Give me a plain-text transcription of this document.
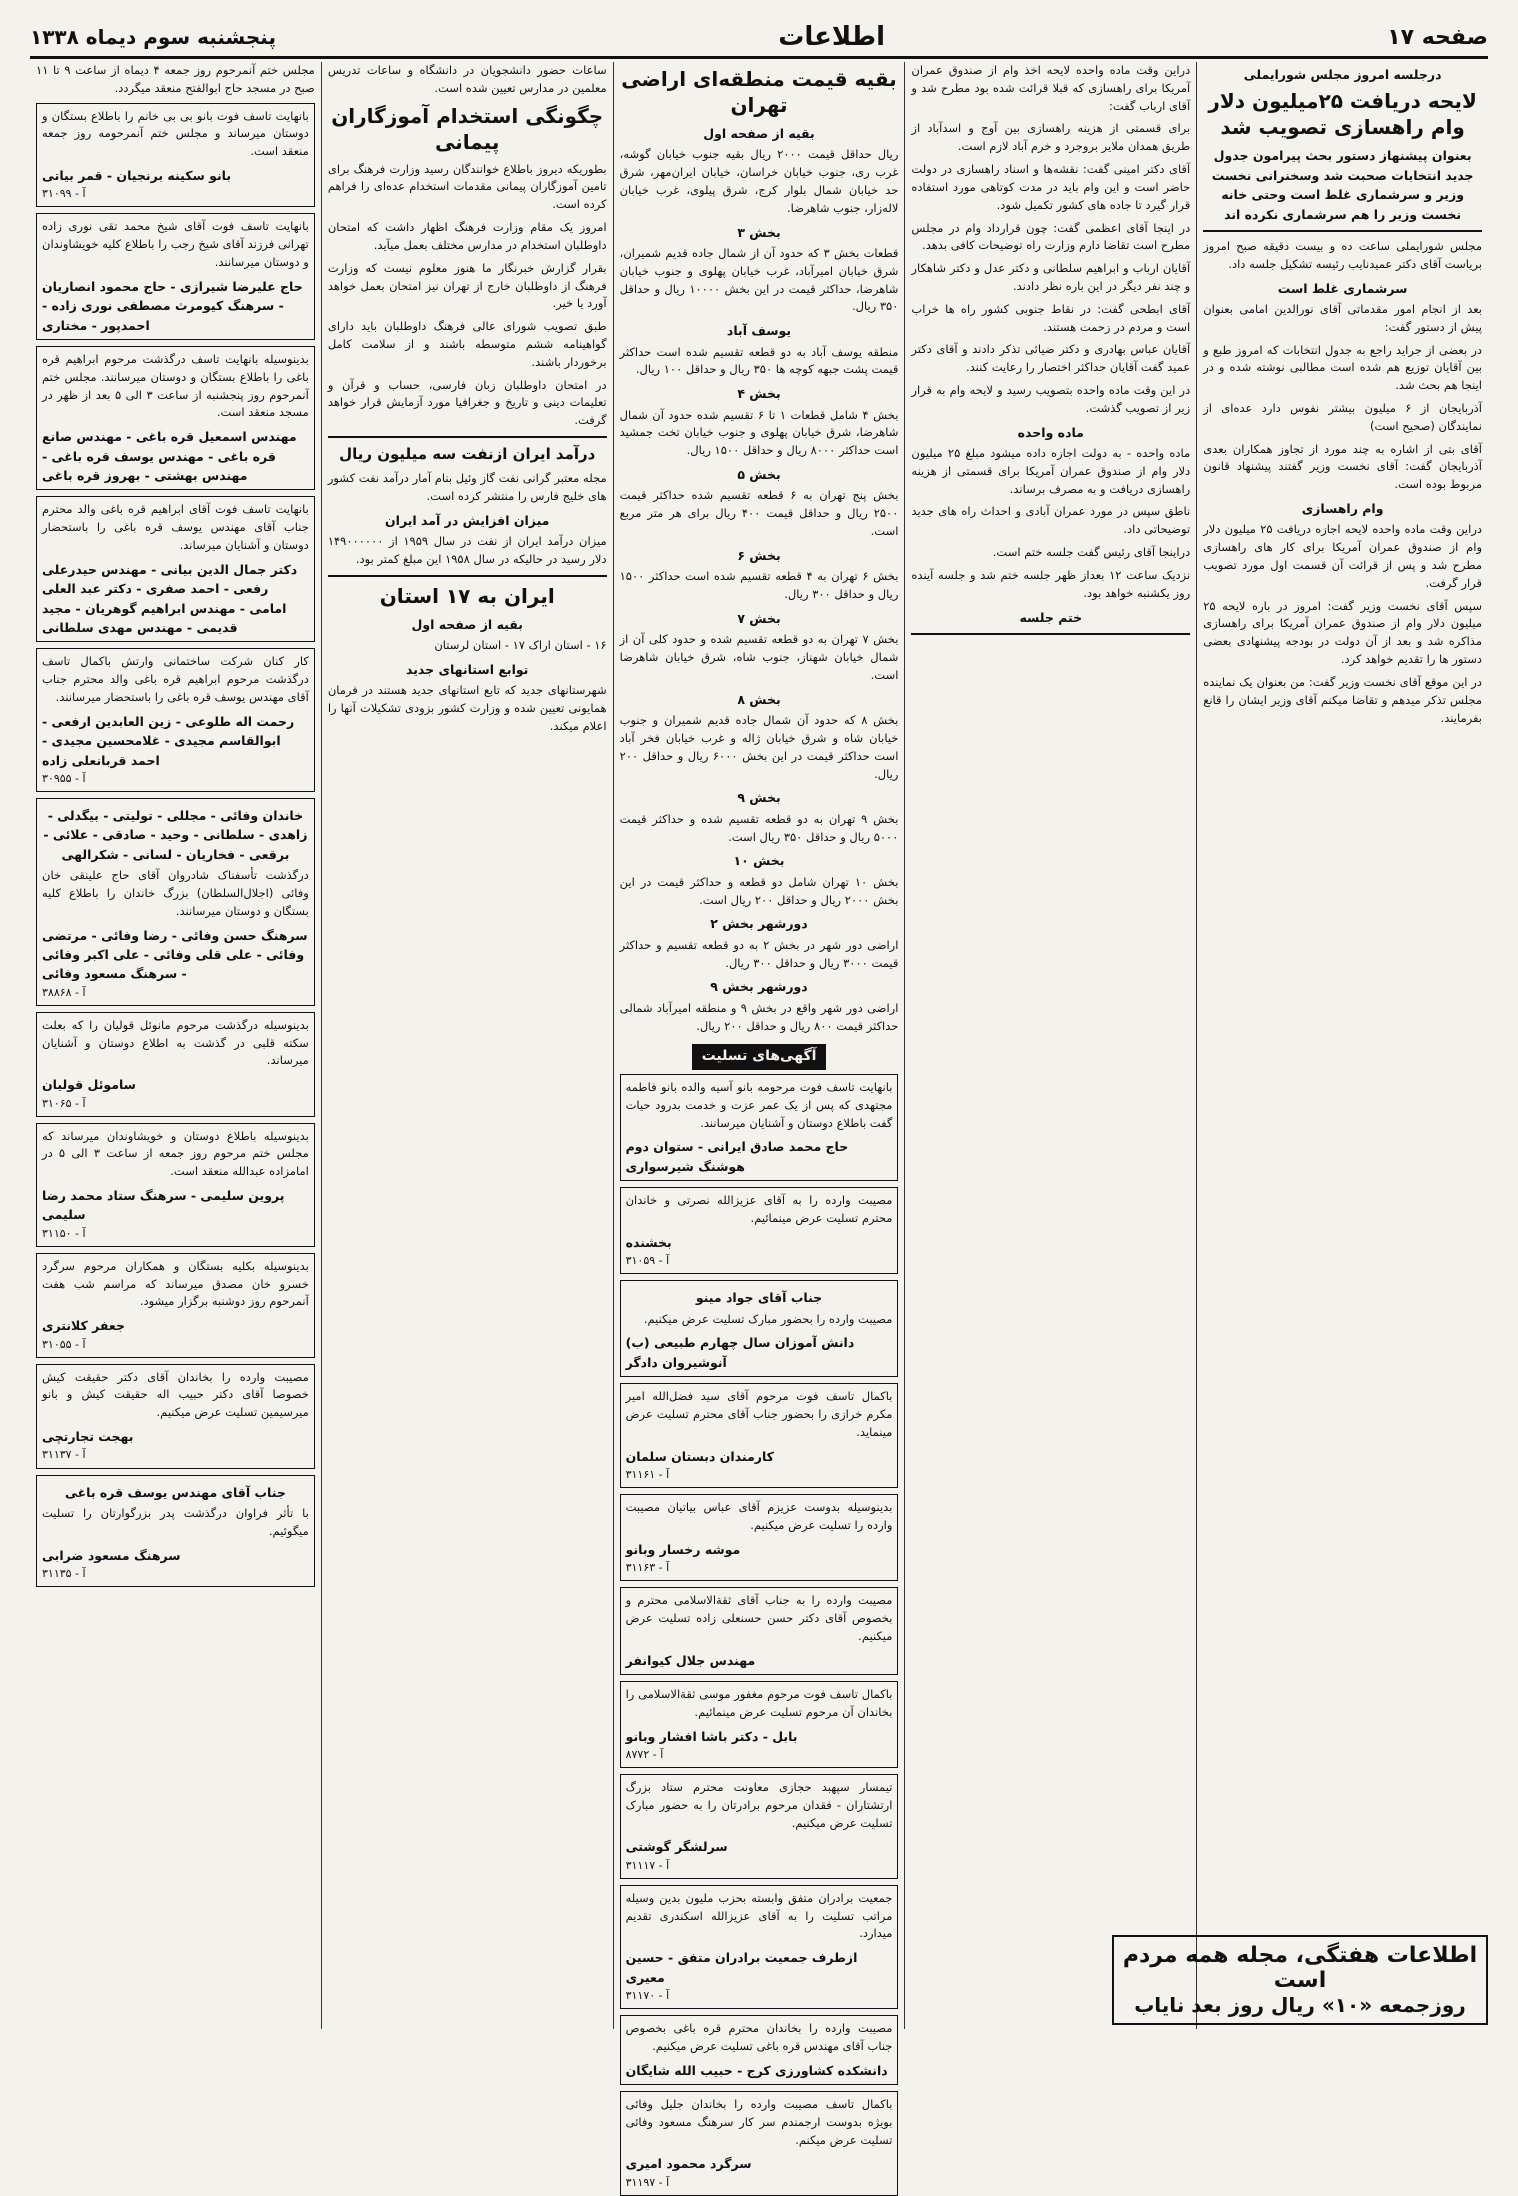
صفحه ۱۷
اطلاعات
پنجشنبه سوم دیماه ۱۳۳۸
درجلسه امروز مجلس شورایملی
لایحه دریافت ۲۵میلیون دلار وام راهسازی تصویب شد
بعنوان پیشنهاز دستور بحث پیرامون جدول جدید انتخابات صحبت شد وسخنرانی نخست وزیر و سرشماری غلط است وحتی خانه نخست وزیر را هم سرشماری نکرده اند

مجلس شورایملی ساعت ده و بیست دقیقه صبح امروز بریاست آقای دکتر عمیدنایب رئیسه تشکیل جلسه داد.

سرشماری غلط است

بعد از انجام امور مقدماتی آقای نورالدین امامی بعنوان پیش از دستور گفت:

در بعضی از جراید راجع به جدول انتخابات که امروز طبع و بین آقایان توزیع هم شده است مطالبی نوشته شده و در اینجا هم بحث شد.

آذربایجان از ۶ میلیون بیشتر نفوس دارد عده‌ای از نمایندگان (صحیح است)

آقای بتی از اشاره به چند مورد از تجاوز همکاران بعدی آذربایجان گفت: آقای نخست وزیر گفتند پیشنهاد قانون مربوط بوده است.

وام راهسازی

دراین وقت ماده واحده لایحه اجازه دریافت ۲۵ میلیون دلار وام از صندوق عمران آمریکا برای کار های راهسازی مطرح شد و پس از قرائت آن قسمت اول مورد تصویب قرار گرفت.

سپس آقای نخست وزیر گفت: امروز در باره لایحه ۲۵ میلیون دلار وام از صندوق عمران آمریکا برای راهسازی مذاکره شد و بعد از آن دولت در بودجه پیشنهادی بعضی دستور ها را تقدیم خواهد کرد.

در این موقع آقای نخست وزیر گفت: من بعنوان یک نماینده مجلس تذکر میدهم و تقاضا میکنم آقای وزیر ایشان را قانع بفرمایند.

دراین وقت ماده واحده لایحه اخذ وام از صندوق عمران آمریکا برای راهسازی که قبلا قرائت شده بود مطرح شد و آقای ارباب گفت:

برای قسمتی از هزینه راهسازی بین آوج و اسدآباد از طریق همدان ملایر بروجرد و خرم آباد لازم است.

آقای دکتر امینی گفت: نقشه‌ها و اسناد راهسازی در دولت حاضر است و این وام باید در مدت کوتاهی مورد استفاده قرار گیرد تا جاده های کشور تکمیل شود.

در اینجا آقای اعظمی گفت: چون قرارداد وام در مجلس مطرح است تقاضا دارم وزارت راه توضیحات کافی بدهد.

آقایان ارباب و ابراهیم سلطانی و دکتر عدل و دکتر شاهکار و چند نفر دیگر در این باره نظر دادند.

آقای ابطحی گفت: در نقاط جنوبی کشور راه ها خراب است و مردم در زحمت هستند.

آقایان عباس بهادری و دکتر ضیائی تذکر دادند و آقای دکتر عمید گفت آقایان حداکثر اختصار را رعایت کنند.

در این وقت ماده واحده بتصویب رسید و لایحه وام به قرار زیر از تصویب گذشت.

ماده واحده

ماده واحده - به دولت اجازه داده میشود مبلغ ۲۵ میلیون دلار وام از صندوق عمران آمریکا برای قسمتی از هزینه راهسازی دریافت و به مصرف برساند.

ناطق سپس در مورد عمران آبادی و احداث راه های جدید توضیحاتی داد.

دراینجا آقای رئیس گفت جلسه ختم است.

نزدیک ساعت ۱۲ بعداز ظهر جلسه ختم شد و جلسه آینده روز یکشنبه خواهد بود.

ختم جلسه
بقیه قیمت منطقه‌ای اراضی تهران
بقیه از صفحه اول

ریال حداقل قیمت ۲۰۰۰ ریال بقیه جنوب خیابان گوشه، غرب ری، جنوب خیابان خراسان، خیابان ایران‌مهر، شرق حد خیابان شمال بلوار کرج، شرق پیلوی، غرب خیابان لاله‌زار، جنوب شاهرضا.

بخش ۳

قطعات بخش ۳ که حدود آن از شمال جاده قدیم شمیران، شرق خیابان امیرآباد، غرب خیابان پهلوی و جنوب خیابان شاهرضا، حداکثر قیمت در این بخش ۱۰۰۰۰ ریال و حداقل ۳۵۰ ریال.

یوسف آباد

منطقه یوسف آباد به دو قطعه تقسیم شده است حداکثر قیمت پشت جبهه کوچه ها ۳۵۰ ریال و حداقل ۱۰۰ ریال.

بخش ۴

بخش ۴ شامل قطعات ۱ تا ۶ تقسیم شده حدود آن شمال شاهرضا، شرق خیابان پهلوی و جنوب خیابان تخت جمشید است حداکثر ۸۰۰۰ ریال و حداقل ۱۵۰۰ ریال.

بخش ۵

بخش پنج تهران به ۶ قطعه تقسیم شده حداکثر قیمت ۲۵۰۰ ریال و حداقل قیمت ۴۰۰ ریال برای هر متر مربع است.

بخش ۶

بخش ۶ تهران به ۴ قطعه تقسیم شده است حداکثر ۱۵۰۰ ریال و حداقل ۳۰۰ ریال.

بخش ۷

بخش ۷ تهران به دو قطعه تقسیم شده و حدود کلی آن از شمال خیابان شهناز، جنوب شاه، شرق خیابان شاهرضا است.

بخش ۸

بخش ۸ که حدود آن شمال جاده قدیم شمیران و جنوب خیابان شاه و شرق خیابان ژاله و غرب خیابان فخر آباد است حداکثر قیمت در این بخش ۶۰۰۰ ریال و حداقل ۲۰۰ ریال.

بخش ۹

بخش ۹ تهران به دو قطعه تقسیم شده و حداکثر قیمت ۵۰۰۰ ریال و حداقل ۳۵۰ ریال است.

بخش ۱۰

بخش ۱۰ تهران شامل دو قطعه و حداکثر قیمت در این بخش ۲۰۰۰ ریال و حداقل ۲۰۰ ریال است.

دورشهر بخش ۲

اراضی دور شهر در بخش ۲ به دو قطعه تقسیم و حداکثر قیمت ۳۰۰۰ ریال و حداقل ۳۰۰ ریال.

دورشهر بخش ۹

اراضی دور شهر واقع در بخش ۹ و منطقه امیرآباد شمالی حداکثر قیمت ۸۰۰ ریال و حداقل ۲۰۰ ریال.

آگهی‌های تسلیت

بانهایت تاسف فوت مرحومه بانو آسیه والده بانو فاطمه مجتهدی که پس از یک عمر عزت و خدمت بدرود حیات گفت باطلاع دوستان و آشنایان میرسانند.

حاج محمد صادق ایرانی - ستوان دوم هوشنگ شیرسواری

مصیبت وارده را به آقای عزیزالله نصرتی و خاندان محترم تسلیت عرض مینمائیم.

بخشنده
آ - ۳۱۰۵۹
جناب آقای جواد مینو

مصیبت وارده را بحضور مبارک تسلیت عرض میکنیم.

دانش آموزان سال چهارم طبیعی (ب) آنوشیروان دادگر

باکمال تاسف فوت مرحوم آقای سید فضل‌الله امیر مکرم خرازی را بحضور جناب آقای محترم تسلیت عرض مینماید.

کارمندان دبستان سلمان
آ - ۳۱۱۶۱

بدینوسیله بدوست عزیزم آقای عباس بیاتیان مصیبت وارده را تسلیت عرض میکنیم.

موشه رخسار وبانو
آ - ۳۱۱۶۳

مصیبت وارده را به جناب آقای ثقة‌الاسلامی محترم و بخصوص آقای دکتر حسن حسنعلی زاده تسلیت عرض میکنیم.

مهندس جلال کیوانفر

باکمال تاسف فوت مرحوم مغفور موسی ثقة‌الاسلامی را بخاندان آن مرحوم تسلیت عرض مینمائیم.

بابل - دکتر باشا افشار وبانو
آ - ۸۷۷۲

تیمسار سپهبد حجازی معاونت محترم ستاد بزرگ ارتشتاران - فقدان مرحوم برادرتان را به حضور مبارک تسلیت عرض میکنیم.

سرلشگر گوشتی
آ - ۳۱۱۱۷

جمعیت برادران متفق وابسته بحزب ملیون بدین وسیله مراتب تسلیت را به آقای عزیزالله اسکندری تقدیم میدارد.

ازطرف جمعیت برادران متفق - حسین معیری
آ - ۳۱۱۷۰

مصیبت وارده را بخاندان محترم قره باغی بخصوص جناب آقای مهندس قره باغی تسلیت عرض میکنیم.

دانشکده کشاورزی کرج - حبیب الله شایگان

باکمال تاسف مصیبت وارده را بخاندان جلیل وفائی بویژه بدوست ارجمندم سر کار سرهنگ مسعود وفائی تسلیت عرض میکنم.

سرگرد محمود امیری
آ - ۳۱۱۹۷

ساعات حضور دانشجویان در دانشگاه و ساعات تدریس معلمین در مدارس تعیین شده است.

چگونگی استخدام آموزگاران پیمانی

بطوریکه دیروز باطلاع خوانندگان رسید وزارت فرهنگ برای تامین آموزگاران پیمانی مقدمات استخدام عده‌ای را فراهم کرده است.

امروز یک مقام وزارت فرهنگ اظهار داشت که امتحان داوطلبان استخدام در مدارس مختلف بعمل میآید.

بقرار گزارش خبرنگار ما هنوز معلوم نیست که وزارت فرهنگ از داوطلبان خارج از تهران نیز امتحان بعمل خواهد آورد یا خیر.

طبق تصویب شورای عالی فرهنگ داوطلبان باید دارای گواهینامه ششم متوسطه باشند و از سلامت کامل برخوردار باشند.

در امتحان داوطلبان زبان فارسی، حساب و قرآن و تعلیمات دینی و تاریخ و جغرافیا مورد آزمایش قرار خواهد گرفت.

درآمد ایران ازنفت سه میلیون ریال

مجله معتبر گرانی نفت گاز وئیل بنام آمار درآمد نفت کشور های خلیج فارس را منتشر کرده است.

میزان افزایش در آمد ایران

میزان درآمد ایران از نفت در سال ۱۹۵۹ از ۱۴۹۰۰۰۰۰۰ دلار رسید در حالیکه در سال ۱۹۵۸ این مبلغ کمتر بود.

ایران به ۱۷ استان
بقیه از صفحه اول

۱۶ - استان اراک ۱۷ - استان لرستان

توابع استانهای جدید

شهرستانهای جدید که تابع استانهای جدید هستند در فرمان همایونی تعیین شده و وزارت کشور بزودی تشکیلات آنها را اعلام میکند.

مجلس ختم آنمرحوم روز جمعه ۴ دیماه از ساعت ۹ تا ۱۱ صبح در مسجد حاج ابوالفتح منعقد میگردد.

بانهایت تاسف فوت بانو بی بی خانم را باطلاع بستگان و دوستان میرساند و مجلس ختم آنمرحومه روز جمعه منعقد است.

بانو سکینه برنجیان - قمر بیاتی
آ - ۳۱۰۹۹

بانهایت تاسف فوت آقای شیخ محمد تقی نوری زاده تهرانی فرزند آقای شیخ رجب را باطلاع کلیه خویشاوندان و دوستان میرسانند.

حاج علیرضا شیرازی - حاج محمود انصاریان - سرهنگ کیومرث مصطفی نوری زاده - احمدپور - مختاری

بدینوسیله بانهایت تاسف درگذشت مرحوم ابراهیم قره باغی را باطلاع بستگان و دوستان میرسانند. مجلس ختم آنمرحوم روز پنجشنبه از ساعت ۳ الی ۵ بعد از ظهر در مسجد منعقد است.

مهندس اسمعیل قره باغی - مهندس صانع قره باغی - مهندس یوسف قره باغی - مهندس بهشتی - بهروز قره باغی

بانهایت تاسف فوت آقای ابراهیم قره باغی والد محترم جناب آقای مهندس یوسف قره باغی را باستحضار دوستان و آشنایان میرساند.

دکتر جمال الدین بیانی - مهندس حیدرعلی رفعی - احمد صفری - دکتر عبد العلی امامی - مهندس ابراهیم گوهریان - مجید قدیمی - مهندس مهدی سلطانی

کار کنان شرکت ساختمانی وارتش باکمال تاسف درگذشت مرحوم ابراهیم قره باغی والد محترم جناب آقای مهندس یوسف قره باغی را باستحضار میرسانند.

رحمت اله طلوعی - زین العابدین ارفعی - ابوالقاسم مجیدی - غلامحسین مجیدی - احمد قربانعلی زاده
آ - ۳۰۹۵۵
خاندان وفائی - مجللی - تولیتی - بیگدلی - زاهدی - سلطانی - وحید - صادقی - علائی - برقعی - فخاریان - لسانی - شکرالهی

درگذشت تأسفناک شادروان آقای حاج علینقی خان وفائی (اجلال‌السلطان) بزرگ خاندان را باطلاع کلیه بستگان و دوستان میرسانند.

سرهنگ حسن وفائی - رضا وفائی - مرتضی وفائی - علی قلی وفائی - علی اکبر وفائی - سرهنگ مسعود وفائی
آ - ۳۸۸۶۸

بدینوسیله درگذشت مرحوم مانوئل قولیان را که بعلت سکته قلبی در گذشت به اطلاع دوستان و آشنایان میرساند.

ساموئل قولیان
آ - ۳۱۰۶۵

بدینوسیله باطلاع دوستان و خویشاوندان میرساند که مجلس ختم مرحوم روز جمعه از ساعت ۳ الی ۵ در امامزاده عبدالله منعقد است.

پروین سلیمی - سرهنگ ستاد محمد رضا سلیمی
آ - ۳۱۱۵۰

بدینوسیله بکلیه بستگان و همکاران مرحوم سرگرد خسرو خان مصدق میرساند که مراسم شب هفت آنمرحوم روز دوشنبه برگزار میشود.

جعفر کلانتری
آ - ۳۱۰۵۵

مصیبت وارده را بخاندان آقای دکتر حقیقت کیش خصوصا آقای دکتر حبیب اله حقیقت کیش و بانو میرسیمین تسلیت عرض میکنیم.

بهجت تجارتچی
آ - ۳۱۱۳۷
جناب آقای مهندس یوسف قره باغی

با تأثر فراوان درگذشت پدر بزرگوارتان را تسلیت میگوئیم.

سرهنگ مسعود ضرابی
آ - ۳۱۱۳۵
اطلاعات هفتگی، مجله همه مردم است
روزجمعه «۱۰» ریال روز بعد نایاب
